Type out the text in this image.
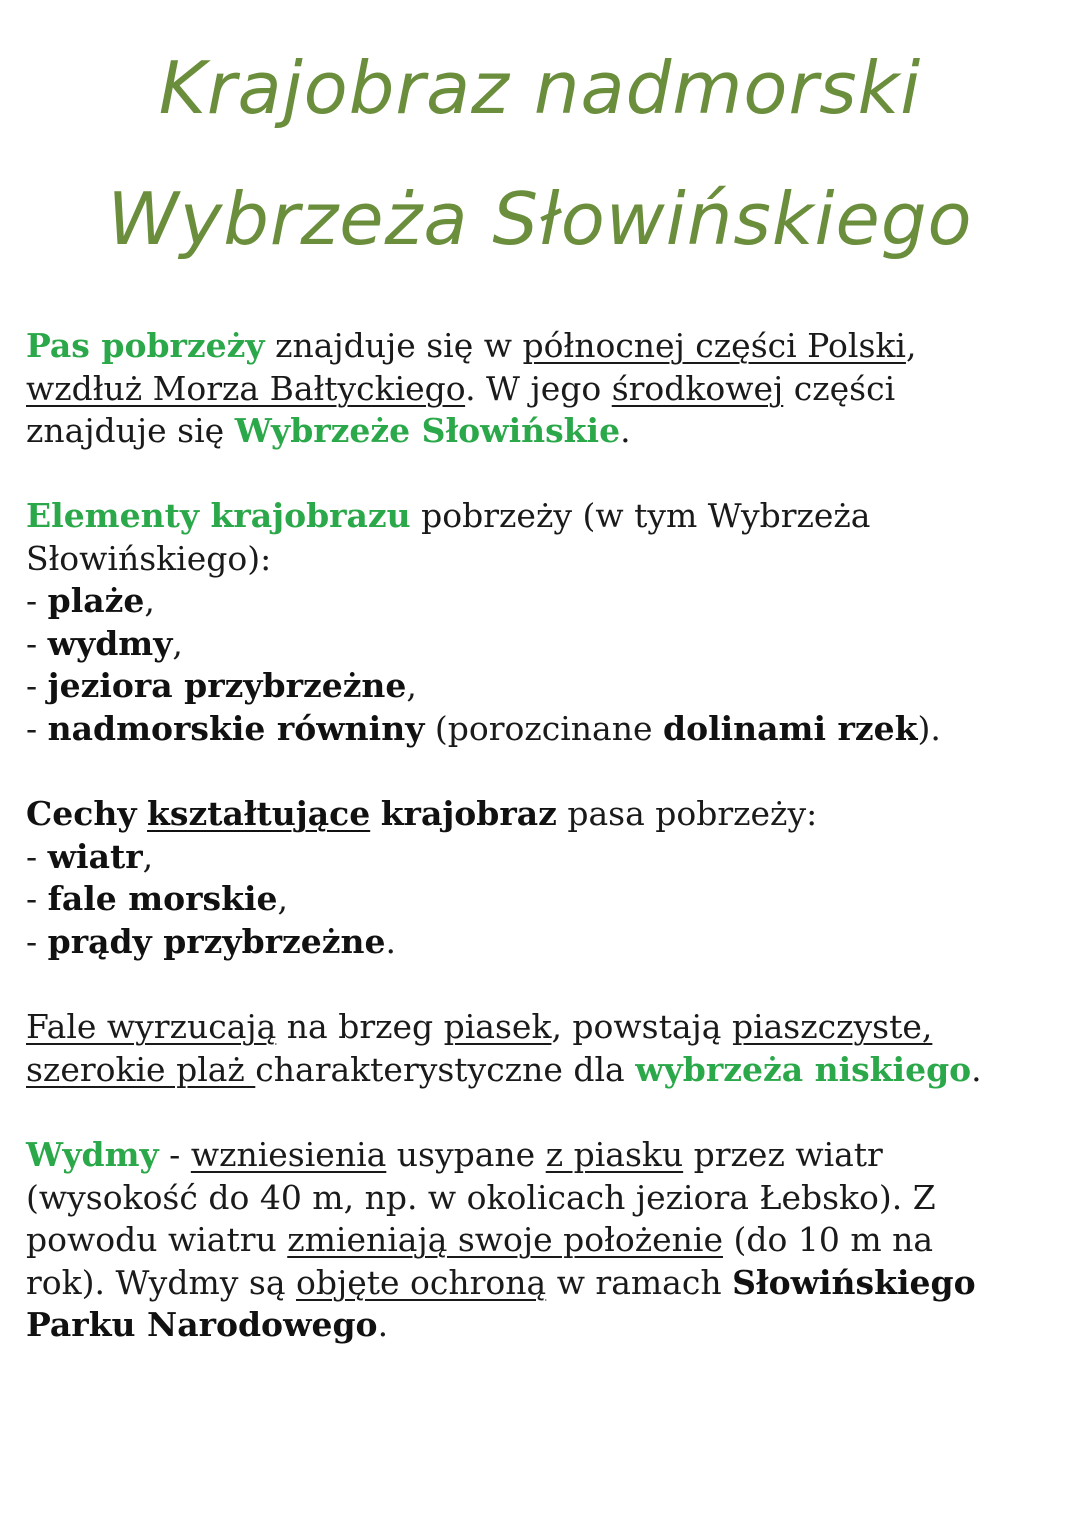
Krajobraz nadmorski
Wybrzeża Słowińskiego

Pas pobrzeży znajduje się w północnej części Polski,
wzdłuż Morza Bałtyckiego. W jego środkowej części
znajduje się Wybrzeże Słowińskie.

Elementy krajobrazu pobrzeży (w tym Wybrzeża
Słowińskiego):
- plaże,
- wydmy,
- jeziora przybrzeżne,
- nadmorskie równiny (porozcinane dolinami rzek).

Cechy kształtujące krajobraz pasa pobrzeży:
- wiatr,
- fale morskie,
- prądy przybrzeżne.

Fale wyrzucają na brzeg piasek, powstają piaszczyste,
szerokie plaż charakterystyczne dla wybrzeża niskiego.

Wydmy - wzniesienia usypane z piasku przez wiatr
(wysokość do 40 m, np. w okolicach jeziora Łebsko). Z
powodu wiatru zmieniają swoje położenie (do 10 m na
rok). Wydmy są objęte ochroną w ramach Słowińskiego
Parku Narodowego.
